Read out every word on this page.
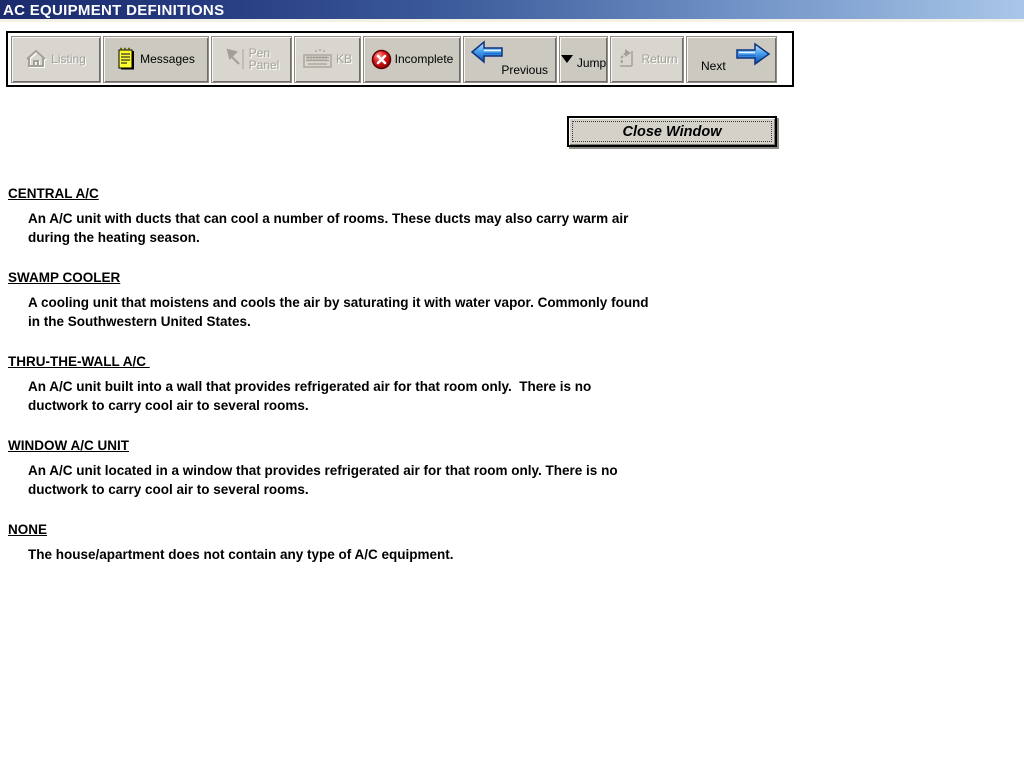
AC EQUIPMENT DEFINITIONS
Listing	Messages	Pen
Panel	KB	Incomplete
Previous Jump	Return Next
Close Window
CENTRAL A/C
An A/C unit with ducts that can cool a number of rooms. These ducts may also carry warm air
during the heating season.
SWAMP COOLER
A cooling unit that moistens and cools the air by saturating it with water vapor. Commonly found
in the Southwestern United States.
THRU-THE-WALL A/C
An A/C unit built into a wall that provides refrigerated air for that room only.  There is no
ductwork to carry cool air to several rooms.
WINDOW A/C UNIT
An A/C unit located in a window that provides refrigerated air for that room only. There is no
ductwork to carry cool air to several rooms.
NONE
The house/apartment does not contain any type of A/C equipment.
